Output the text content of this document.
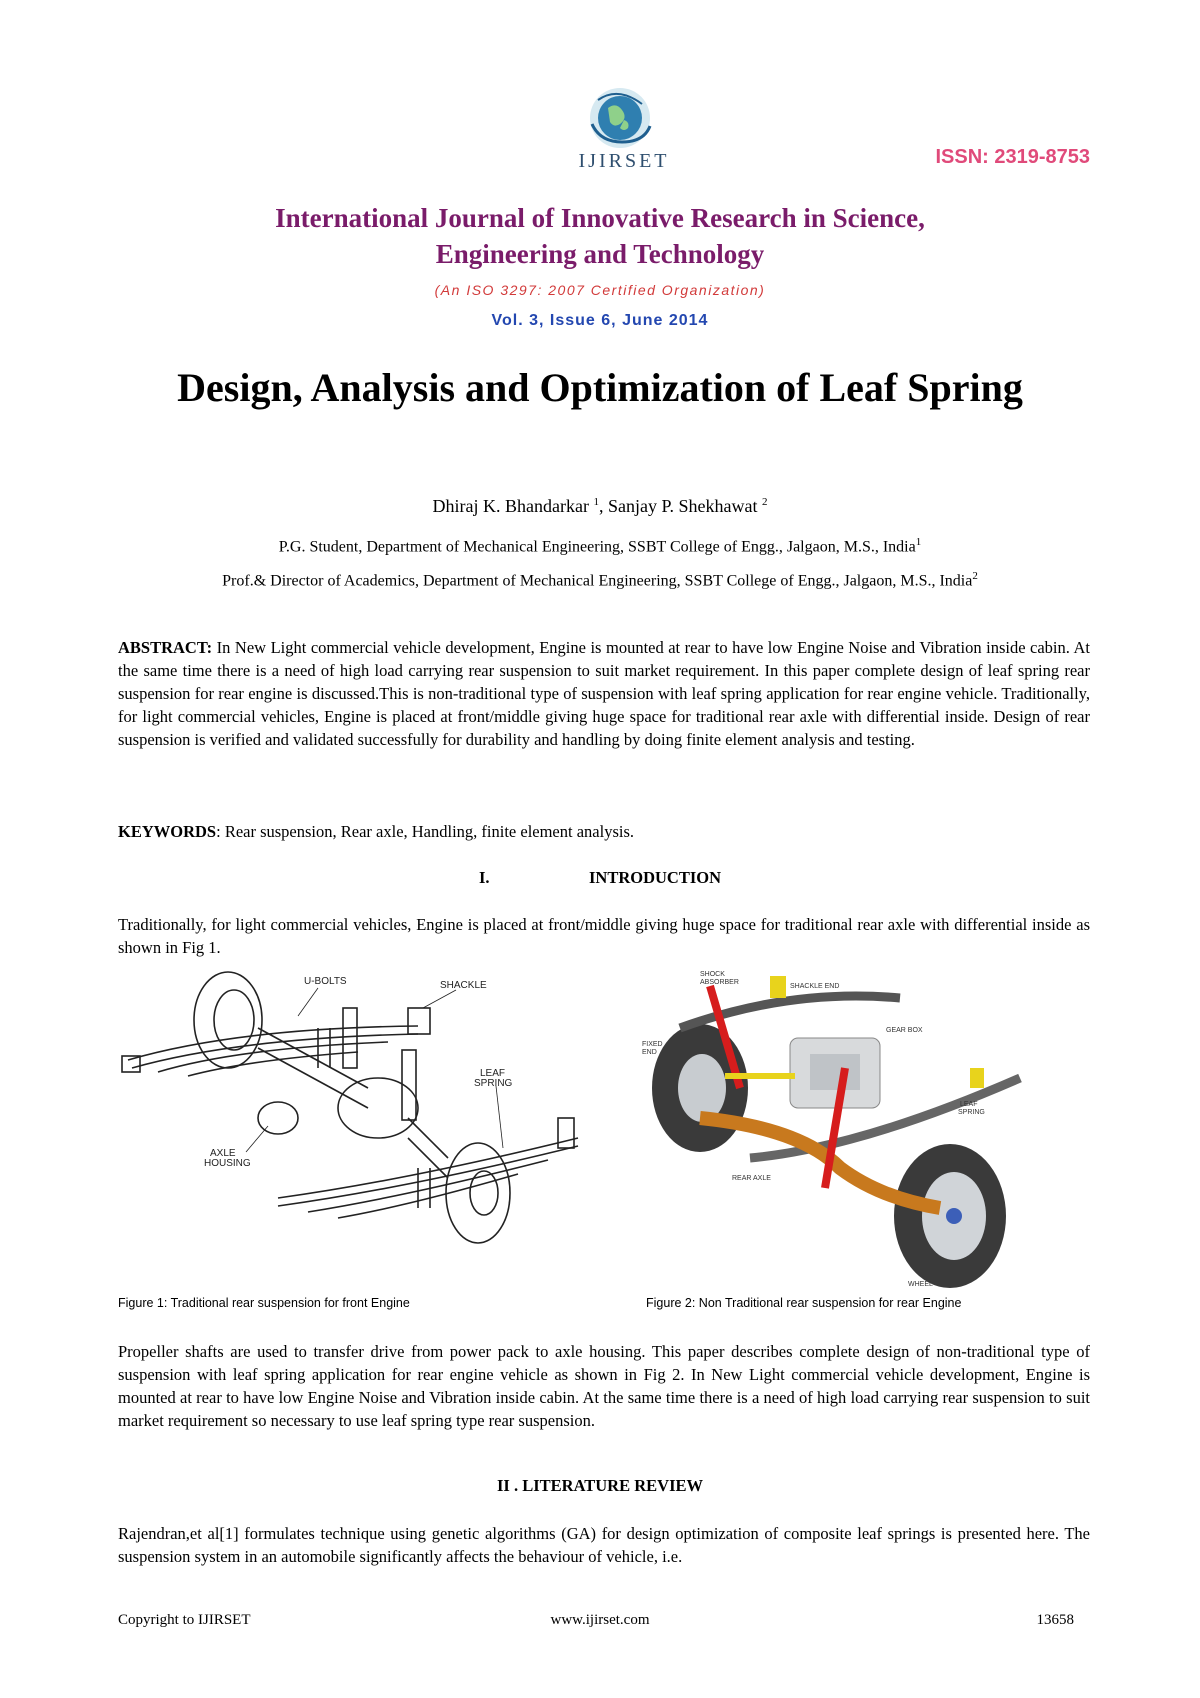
IJIRSET	ISSN: 2319-8753
International Journal of Innovative Research in Science,
Engineering and Technology
(An ISO 3297: 2007 Certified Organization)
Vol. 3, Issue 6, June 2014
Design, Analysis and Optimization of Leaf Spring
Dhiraj K. Bhandarkar $^1$, Sanjay P. Shekhawat $^2$
P.G. Student, Department of Mechanical Engineering, SSBT College of Engg., Jalgaon, M.S., India$^1$
Prof.& Director of Academics, Department of Mechanical Engineering, SSBT College of Engg., Jalgaon, M.S., India$^2$
ABSTRACT: In New Light commercial vehicle development, Engine is mounted at rear to have low Engine Noise and Vibration inside cabin. At the same time there is a need of high load carrying rear suspension to suit market requirement. In this paper complete design of leaf spring rear suspension for rear engine is discussed.This is non-traditional type of suspension with leaf spring application for rear engine vehicle. Traditionally, for light commercial vehicles, Engine is placed at front/middle giving huge space for traditional rear axle with differential inside. Design of rear suspension is verified and validated successfully for durability and handling by doing finite element analysis and testing.
KEYWORDS: Rear suspension, Rear axle, Handling, finite element analysis.
I.	INTRODUCTION
Traditionally, for light commercial vehicles, Engine is placed at front/middle giving huge space for traditional rear axle with differential inside as shown in Fig 1.
U-BOLTS	SHACKLE
LEAF
SPRING
AXLE
HOUSING
SHOCK
ABSORBER
SHACKLE END
FIXED
END
GEAR BOX
LEAF
SPRING
REAR AXLE
WHEEL
Figure 1: Traditional rear suspension for front Engine	Figure 2: Non Traditional rear suspension for rear Engine
Propeller shafts are used to transfer drive from power pack to axle housing. This paper describes complete design of non-traditional type of suspension with leaf spring application for rear engine vehicle as shown in Fig 2. In New Light commercial vehicle development, Engine is mounted at rear to have low Engine Noise and Vibration inside cabin. At the same time there is a need of high load carrying rear suspension to suit market requirement so necessary to use leaf spring type rear suspension.
II . LITERATURE REVIEW
Rajendran,et al[1] formulates technique using genetic algorithms (GA) for design optimization of composite leaf springs is presented here. The suspension system in an automobile significantly affects the behaviour of vehicle, i.e.
Copyright to IJIRSET	www.ijirset.com	13658
